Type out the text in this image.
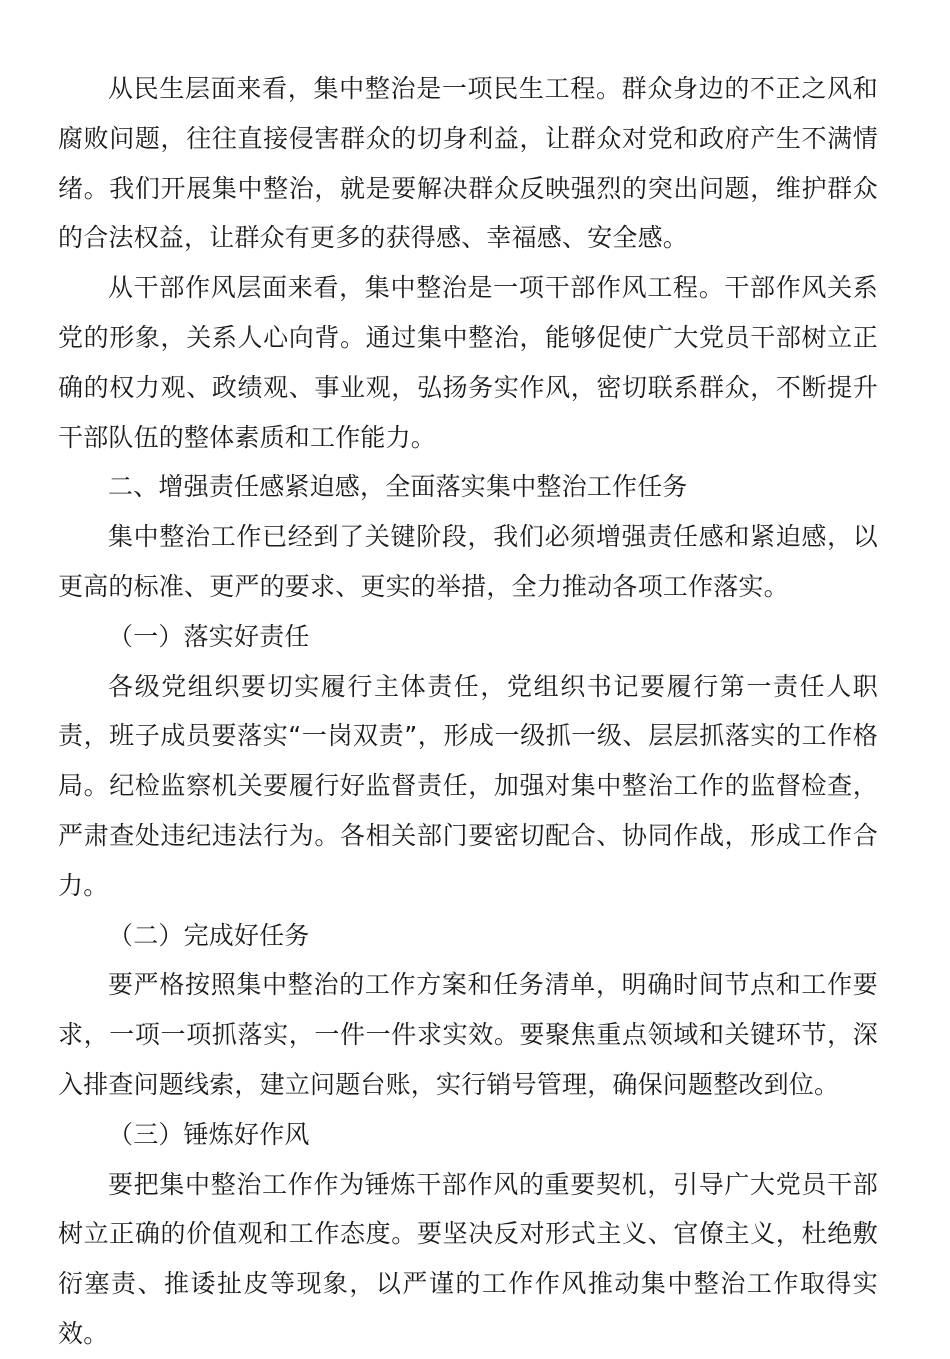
从民生层面来看，集中整治是一项民生工程。群众身边的不正之风和腐败问题，往往直接侵害群众的切身利益，让群众对党和政府产生不满情绪。我们开展集中整治，就是要解决群众反映强烈的突出问题，维护群众的合法权益，让群众有更多的获得感、幸福感、安全感。

从干部作风层面来看，集中整治是一项干部作风工程。干部作风关系党的形象，关系人心向背。通过集中整治，能够促使广大党员干部树立正确的权力观、政绩观、事业观，弘扬务实作风，密切联系群众，不断提升干部队伍的整体素质和工作能力。

二、增强责任感紧迫感，全面落实集中整治工作任务

集中整治工作已经到了关键阶段，我们必须增强责任感和紧迫感，以更高的标准、更严的要求、更实的举措，全力推动各项工作落实。

（一）落实好责任

各级党组织要切实履行主体责任，党组织书记要履行第一责任人职责，班子成员要落实“一岗双责”，形成一级抓一级、层层抓落实的工作格局。纪检监察机关要履行好监督责任，加强对集中整治工作的监督检查，严肃查处违纪违法行为。各相关部门要密切配合、协同作战，形成工作合力。

（二）完成好任务

要严格按照集中整治的工作方案和任务清单，明确时间节点和工作要求，一项一项抓落实，一件一件求实效。要聚焦重点领域和关键环节，深入排查问题线索，建立问题台账，实行销号管理，确保问题整改到位。

（三）锤炼好作风

要把集中整治工作作为锤炼干部作风的重要契机，引导广大党员干部树立正确的价值观和工作态度。要坚决反对形式主义、官僚主义，杜绝敷衍塞责、推诿扯皮等现象，以严谨的工作作风推动集中整治工作取得实效。
